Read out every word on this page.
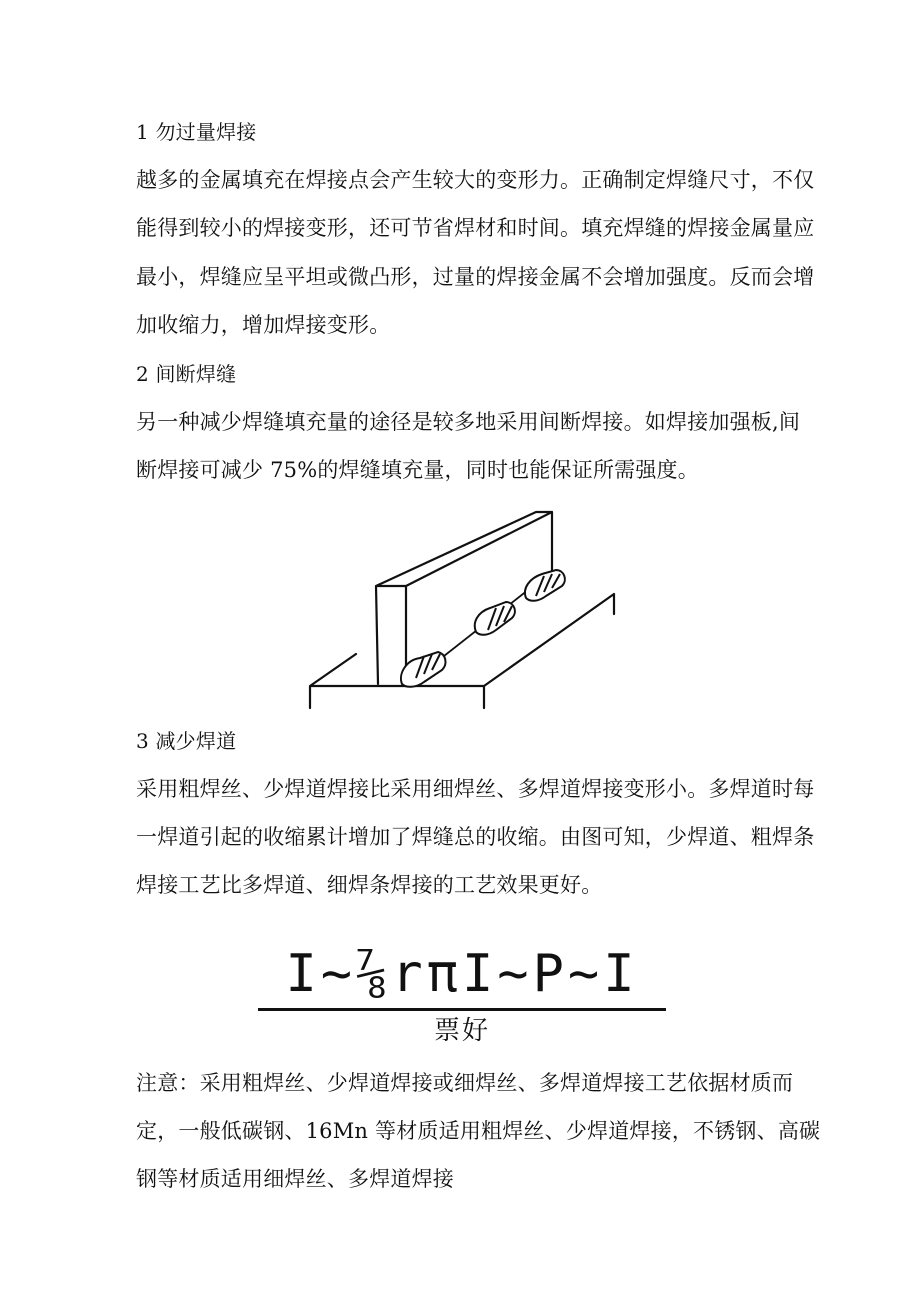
1 勿过量焊接
越多的金属填充在焊接点会产生较大的变形力。正确制定焊缝尺寸，不仅
能得到较小的焊接变形，还可节省焊材和时间。填充焊缝的焊接金属量应
最小，焊缝应呈平坦或微凸形，过量的焊接金属不会增加强度。反而会增
加收缩力，增加焊接变形。
2 间断焊缝
另一种减少焊缝填充量的途径是较多地采用间断焊接。如焊接加强板,间
断焊接可减少 75%的焊缝填充量，同时也能保证所需强度。
3 减少焊道
采用粗焊丝、少焊道焊接比采用细焊丝、多焊道焊接变形小。多焊道时每
一焊道引起的收缩累计增加了焊缝总的收缩。由图可知，少焊道、粗焊条
焊接工艺比多焊道、细焊条焊接的工艺效果更好。
I~⅞rπI~P~I
票好
注意：采用粗焊丝、少焊道焊接或细焊丝、多焊道焊接工艺依据材质而
定，一般低碳钢、16Mn 等材质适用粗焊丝、少焊道焊接，不锈钢、高碳
钢等材质适用细焊丝、多焊道焊接
